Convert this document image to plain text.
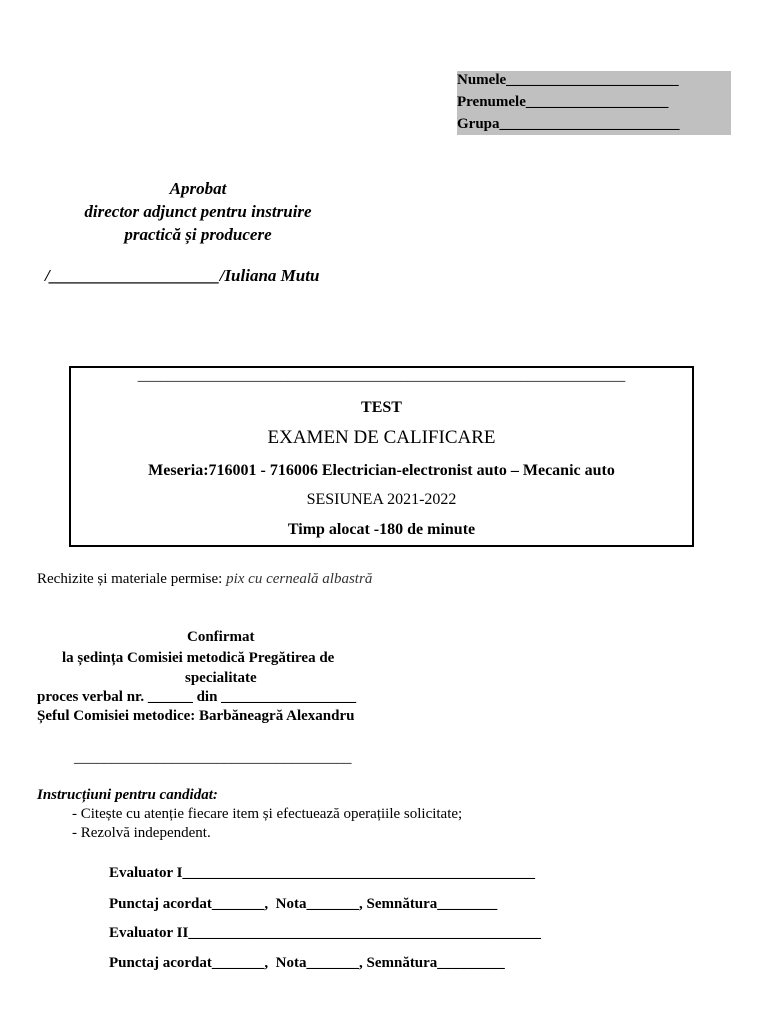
Numele_______________________
Prenumele___________________
Grupa________________________
Aprobat
director adjunct pentru instruire
practică și producere
/____________________/Iuliana Mutu
_________________________________________________________________
TEST
EXAMEN DE CALIFICARE
Meseria:716001 - 716006 Electrician-electronist auto – Mecanic auto
SESIUNEA 2021-2022
Timp alocat -180 de minute
Rechizite și materiale permise: pix cu cerneală albastră
Confirmat
la ședința Comisiei metodică Pregătirea de
specialitate
proces verbal nr. ______ din __________________
Șeful Comisiei metodice: Barbăneagră Alexandru
_____________________________________
Instrucțiuni pentru candidat:
- Citește cu atenție fiecare item și efectuează operațiile solicitate;
- Rezolvă independent.
Evaluator I_______________________________________________
Punctaj acordat_______,  Nota_______, Semnătura________
Evaluator II_______________________________________________
Punctaj acordat_______,  Nota_______, Semnătura_________
